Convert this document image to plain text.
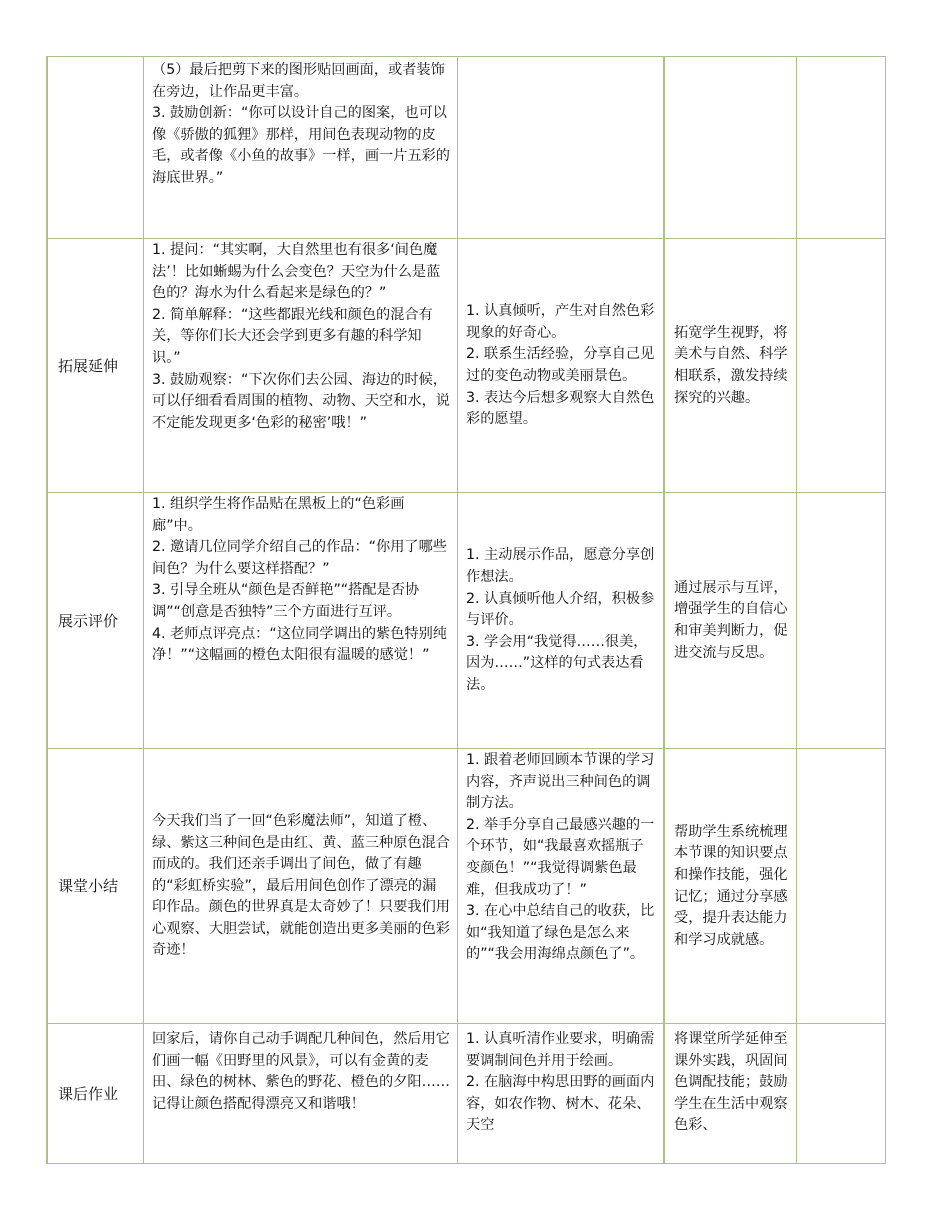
（5）最后把剪下来的图形贴回画面，或者装饰在旁边，让作品更丰富。
3. 鼓励创新：“你可以设计自己的图案，也可以像《骄傲的狐狸》那样，用间色表现动物的皮毛，或者像《小鱼的故事》一样，画一片五彩的海底世界。”
拓展延伸
1. 提问：“其实啊，大自然里也有很多‘间色魔法’！比如蜥蜴为什么会变色？天空为什么是蓝色的？海水为什么看起来是绿色的？”
2. 简单解释：“这些都跟光线和颜色的混合有关，等你们长大还会学到更多有趣的科学知识。”
3. 鼓励观察：“下次你们去公园、海边的时候，可以仔细看看周围的植物、动物、天空和水，说不定能发现更多‘色彩的秘密’哦！”
1. 认真倾听，产生对自然色彩现象的好奇心。
2. 联系生活经验，分享自己见过的变色动物或美丽景色。
3. 表达今后想多观察大自然色彩的愿望。
拓宽学生视野，将美术与自然、科学相联系，激发持续探究的兴趣。
展示评价
1. 组织学生将作品贴在黑板上的“色彩画廊”中。
2. 邀请几位同学介绍自己的作品：“你用了哪些间色？为什么要这样搭配？”
3. 引导全班从“颜色是否鲜艳”“搭配是否协调”“创意是否独特”三个方面进行互评。
4. 老师点评亮点：“这位同学调出的紫色特别纯净！”“这幅画的橙色太阳很有温暖的感觉！”
1. 主动展示作品，愿意分享创作想法。
2. 认真倾听他人介绍，积极参与评价。
3. 学会用“我觉得……很美，因为……”这样的句式表达看法。
通过展示与互评，增强学生的自信心和审美判断力，促进交流与反思。
课堂小结
今天我们当了一回“色彩魔法师”，知道了橙、绿、紫这三种间色是由红、黄、蓝三种原色混合而成的。我们还亲手调出了间色，做了有趣的“彩虹桥实验”，最后用间色创作了漂亮的漏印作品。颜色的世界真是太奇妙了！只要我们用心观察、大胆尝试，就能创造出更多美丽的色彩奇迹！
1. 跟着老师回顾本节课的学习内容，齐声说出三种间色的调制方法。
2. 举手分享自己最感兴趣的一个环节，如“我最喜欢摇瓶子变颜色！”“我觉得调紫色最难，但我成功了！”
3. 在心中总结自己的收获，比如“我知道了绿色是怎么来的”“我会用海绵点颜色了”。
帮助学生系统梳理本节课的知识要点和操作技能，强化记忆；通过分享感受，提升表达能力和学习成就感。
课后作业
回家后，请你自己动手调配几种间色，然后用它们画一幅《田野里的风景》，可以有金黄的麦田、绿色的树林、紫色的野花、橙色的夕阳……记得让颜色搭配得漂亮又和谐哦！
1. 认真听清作业要求，明确需要调制间色并用于绘画。
2. 在脑海中构思田野的画面内容，如农作物、树木、花朵、天空
将课堂所学延伸至课外实践，巩固间色调配技能；鼓励学生在生活中观察色彩、
